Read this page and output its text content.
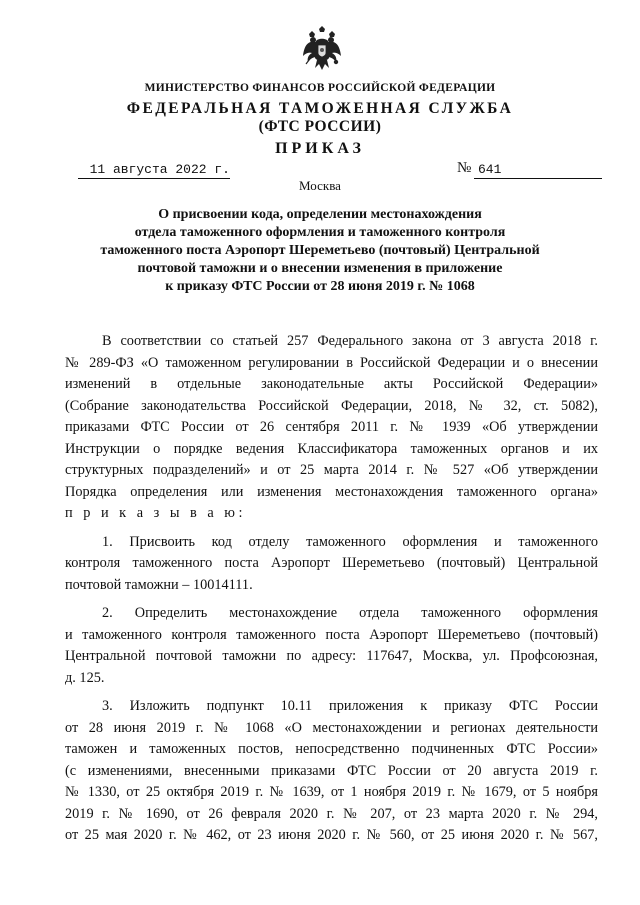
МИНИСТЕРСТВО ФИНАНСОВ РОССИЙСКОЙ ФЕДЕРАЦИИ
ФЕДЕРАЛЬНАЯ ТАМОЖЕННАЯ СЛУЖБА
(ФТС РОССИИ)
ПРИКАЗ
11 августа 2022 г.	№ 641
Москва
О присвоении кода, определении местонахождения
отдела таможенного оформления и таможенного контроля
таможенного поста Аэропорт Шереметьево (почтовый) Центральной
почтовой таможни и о внесении изменения в приложение
к приказу ФТС России от 28 июня 2019 г. № 1068

В соответствии со статьей 257 Федерального закона от 3 августа 2018 г.
№ 289-ФЗ «О таможенном регулировании в Российской Федерации и о внесении
изменений в отдельные законодательные акты Российской Федерации»
(Собрание законодательства Российской Федерации, 2018, № 32, ст. 5082),
приказами ФТС России от 26 сентября 2011 г. № 1939 «Об утверждении
Инструкции о порядке ведения Классификатора таможенных органов и их
структурных подразделений» и от 25 марта 2014 г. № 527 «Об утверждении
Порядка определения или изменения местонахождения таможенного органа»

п р и к а з ы в а ю:

1. Присвоить код отделу таможенного оформления и таможенного
контроля таможенного поста Аэропорт Шереметьево (почтовый) Центральной
почтовой таможни – 10014111.

2. Определить местонахождение отдела таможенного оформления
и таможенного контроля таможенного поста Аэропорт Шереметьево (почтовый)
Центральной почтовой таможни по адресу: 117647, Москва, ул. Профсоюзная,
д. 125.

3. Изложить подпункт 10.11 приложения к приказу ФТС России
от 28 июня 2019 г. № 1068 «О местонахождении и регионах деятельности
таможен и таможенных постов, непосредственно подчиненных ФТС России»
(с изменениями, внесенными приказами ФТС России от 20 августа 2019 г.
№ 1330, от 25 октября 2019 г. № 1639, от 1 ноября 2019 г. № 1679, от 5 ноября
2019 г. № 1690, от 26 февраля 2020 г. № 207, от 23 марта 2020 г. № 294,
от 25 мая 2020 г. № 462, от 23 июня 2020 г. № 560, от 25 июня 2020 г. № 567,
